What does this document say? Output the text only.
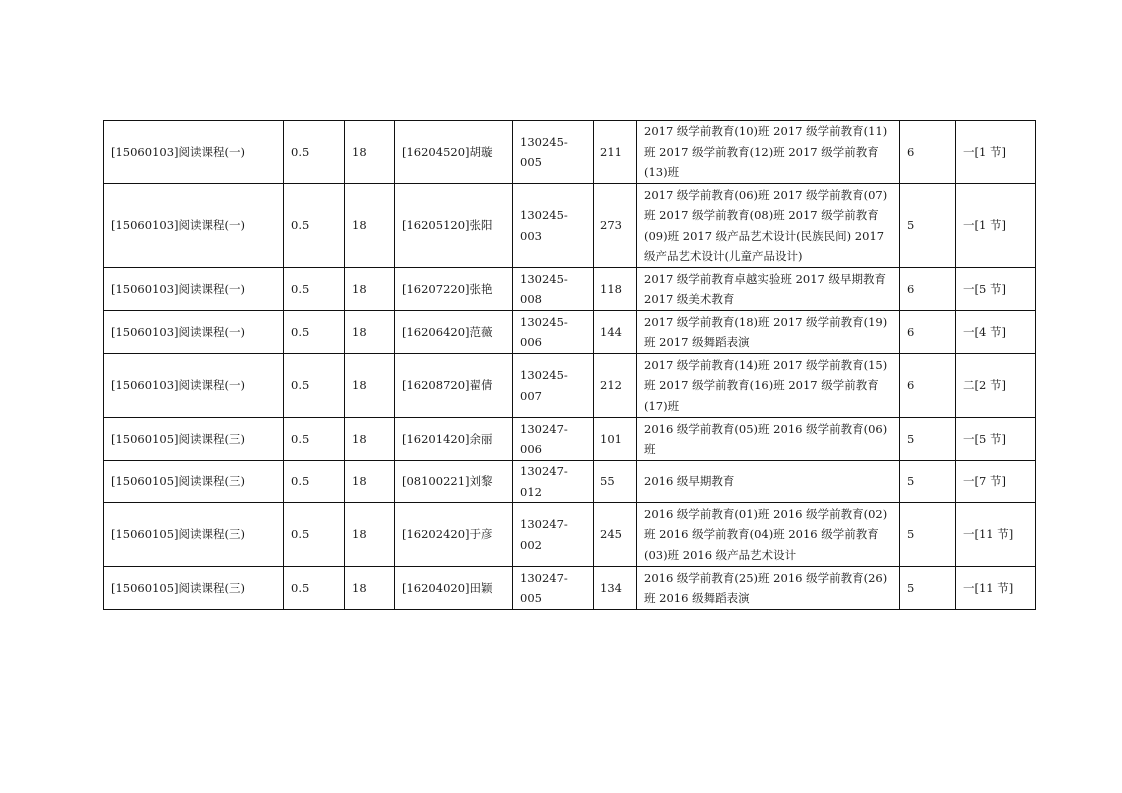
[15060103]阅读课程(一)	0.5	18	[16204520]胡璇	130245-005	211	2017 级学前教育(10)班 2017 级学前教育(11)班 2017 级学前教育(12)班 2017 级学前教育(13)班	6	一[1 节]
[15060103]阅读课程(一)	0.5	18	[16205120]张阳	130245-003	273	2017 级学前教育(06)班 2017 级学前教育(07)班 2017 级学前教育(08)班 2017 级学前教育(09)班 2017 级产品艺术设计(民族民间) 2017 级产品艺术设计(儿童产品设计)	5	一[1 节]
[15060103]阅读课程(一)	0.5	18	[16207220]张艳	130245-008	118	2017 级学前教育卓越实验班 2017 级早期教育 2017 级美术教育	6	一[5 节]
[15060103]阅读课程(一)	0.5	18	[16206420]范薇	130245-006	144	2017 级学前教育(18)班 2017 级学前教育(19)班 2017 级舞蹈表演	6	一[4 节]
[15060103]阅读课程(一)	0.5	18	[16208720]翟倩	130245-007	212	2017 级学前教育(14)班 2017 级学前教育(15)班 2017 级学前教育(16)班 2017 级学前教育(17)班	6	二[2 节]
[15060105]阅读课程(三)	0.5	18	[16201420]余丽	130247-006	101	2016 级学前教育(05)班 2016 级学前教育(06)班	5	一[5 节]
[15060105]阅读课程(三)	0.5	18	[08100221]刘黎	130247-012	55	2016 级早期教育	5	一[7 节]
[15060105]阅读课程(三)	0.5	18	[16202420]于彦	130247-002	245	2016 级学前教育(01)班 2016 级学前教育(02)班 2016 级学前教育(04)班 2016 级学前教育(03)班 2016 级产品艺术设计	5	一[11 节]
[15060105]阅读课程(三)	0.5	18	[16204020]田颖	130247-005	134	2016 级学前教育(25)班 2016 级学前教育(26)班 2016 级舞蹈表演	5	一[11 节]
